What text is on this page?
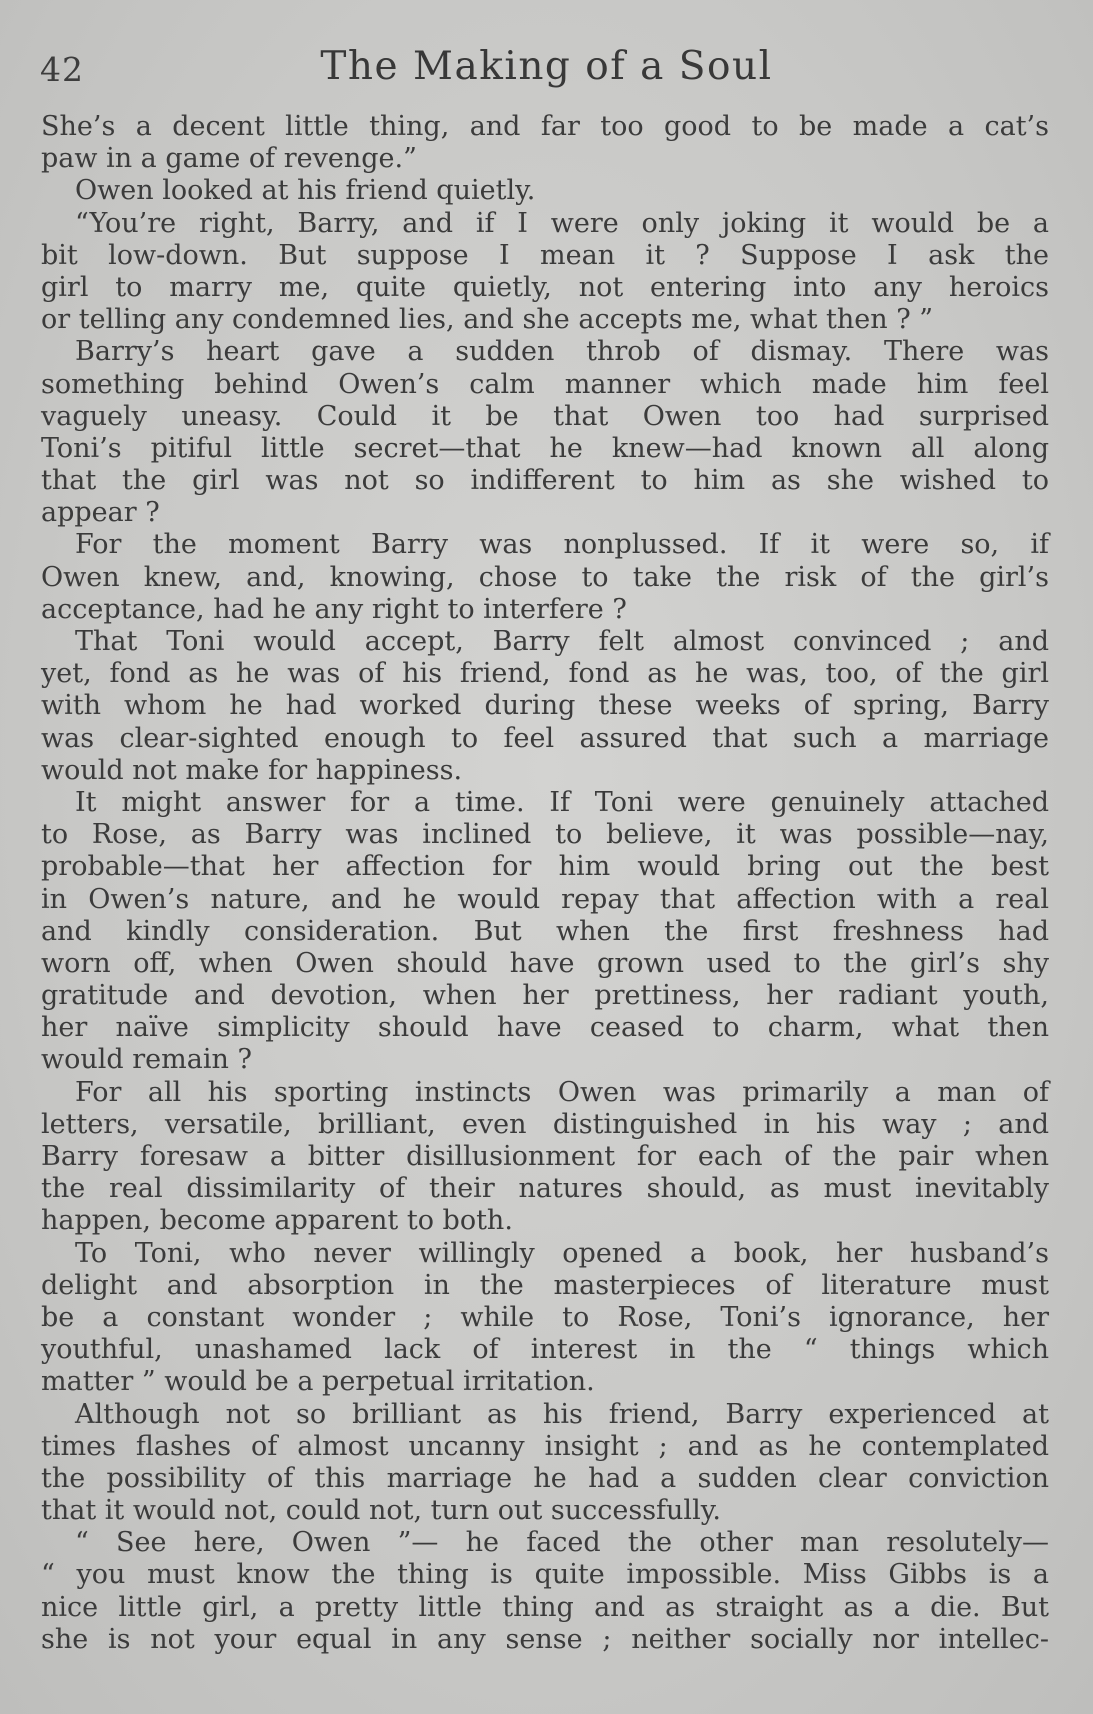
42	The Making of a Soul
She’s a decent little thing, and far too good to be made a cat’s
paw in a game of revenge.”
Owen looked at his friend quietly.
“You’re right, Barry, and if I were only joking it would be a
bit low-down. But suppose I mean it ? Suppose I ask the
girl to marry me, quite quietly, not entering into any heroics
or telling any condemned lies, and she accepts me, what then ? ”
Barry’s heart gave a sudden throb of dismay. There was
something behind Owen’s calm manner which made him feel
vaguely uneasy. Could it be that Owen too had surprised
Toni’s pitiful little secret—that he knew—had known all along
that the girl was not so indifferent to him as she wished to
appear ?
For the moment Barry was nonplussed. If it were so, if
Owen knew, and, knowing, chose to take the risk of the girl’s
acceptance, had he any right to interfere ?
That Toni would accept, Barry felt almost convinced ; and
yet, fond as he was of his friend, fond as he was, too, of the girl
with whom he had worked during these weeks of spring, Barry
was clear-sighted enough to feel assured that such a marriage
would not make for happiness.
It might answer for a time. If Toni were genuinely attached
to Rose, as Barry was inclined to believe, it was possible—nay,
probable—that her affection for him would bring out the best
in Owen’s nature, and he would repay that affection with a real
and kindly consideration. But when the first freshness had
worn off, when Owen should have grown used to the girl’s shy
gratitude and devotion, when her prettiness, her radiant youth,
her naïve simplicity should have ceased to charm, what then
would remain ?
For all his sporting instincts Owen was primarily a man of
letters, versatile, brilliant, even distinguished in his way ; and
Barry foresaw a bitter disillusionment for each of the pair when
the real dissimilarity of their natures should, as must inevitably
happen, become apparent to both.
To Toni, who never willingly opened a book, her husband’s
delight and absorption in the masterpieces of literature must
be a constant wonder ; while to Rose, Toni’s ignorance, her
youthful, unashamed lack of interest in the “ things which
matter ” would be a perpetual irritation.
Although not so brilliant as his friend, Barry experienced at
times flashes of almost uncanny insight ; and as he contemplated
the possibility of this marriage he had a sudden clear conviction
that it would not, could not, turn out successfully.
“ See here, Owen ”— he faced the other man resolutely—
“ you must know the thing is quite impossible. Miss Gibbs is a
nice little girl, a pretty little thing and as straight as a die. But
she is not your equal in any sense ; neither socially nor intellec-
